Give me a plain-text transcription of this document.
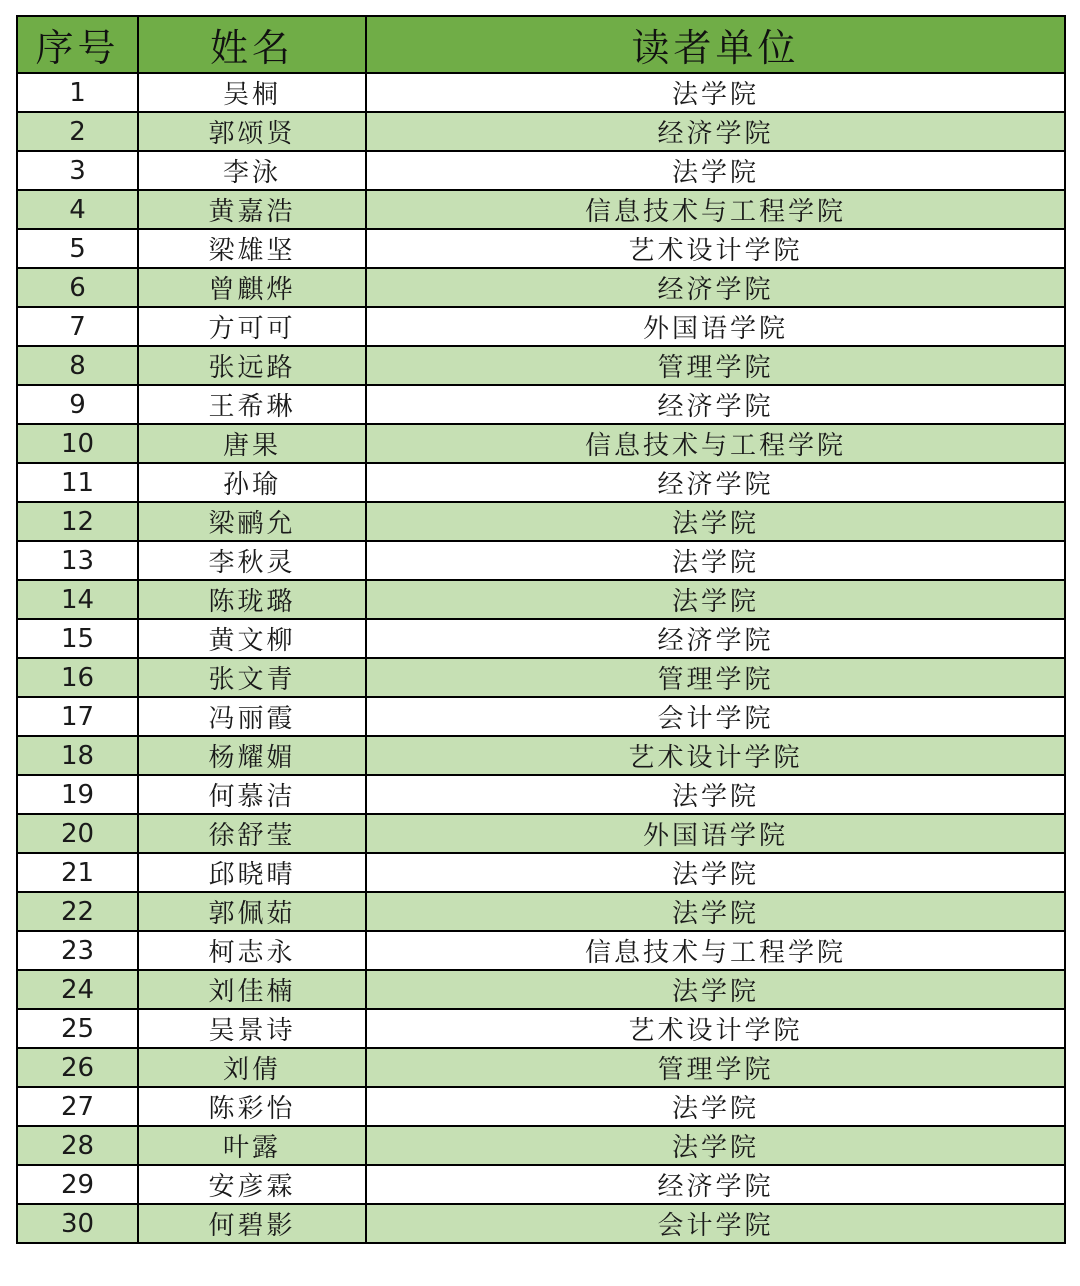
序号	姓名	读者单位
1	吴桐	法学院
2	郭颂贤	经济学院
3	李泳	法学院
4	黄嘉浩	信息技术与工程学院
5	梁雄坚	艺术设计学院
6	曾麒烨	经济学院
7	方可可	外国语学院
8	张远路	管理学院
9	王希琳	经济学院
10	唐果	信息技术与工程学院
11	孙瑜	经济学院
12	梁鹂允	法学院
13	李秋灵	法学院
14	陈珑璐	法学院
15	黄文柳	经济学院
16	张文青	管理学院
17	冯丽霞	会计学院
18	杨耀媚	艺术设计学院
19	何慕洁	法学院
20	徐舒莹	外国语学院
21	邱晓晴	法学院
22	郭佩茹	法学院
23	柯志永	信息技术与工程学院
24	刘佳楠	法学院
25	吴景诗	艺术设计学院
26	刘倩	管理学院
27	陈彩怡	法学院
28	叶露	法学院
29	安彦霖	经济学院
30	何碧影	会计学院
